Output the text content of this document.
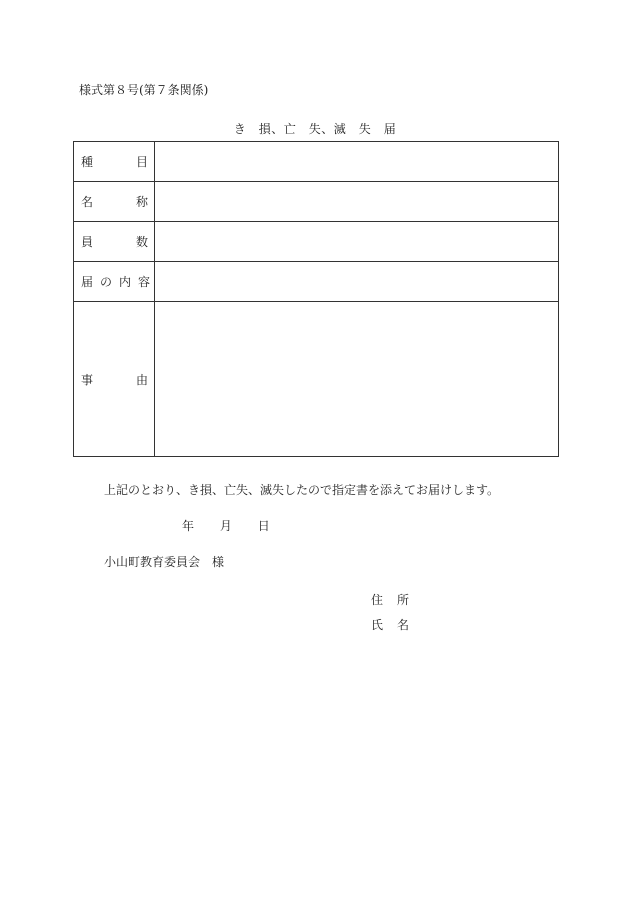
様式第８号(第７条関係)
き　損、亡　失、滅　失　届
種 目	

名 称	

員 数	

届 の 内 容	

事 由	

上記のとおり、き損、亡失、滅失したので指定書を添えてお届けします。
年 月 日
小山町教育委員会　様
住 所
氏 名
